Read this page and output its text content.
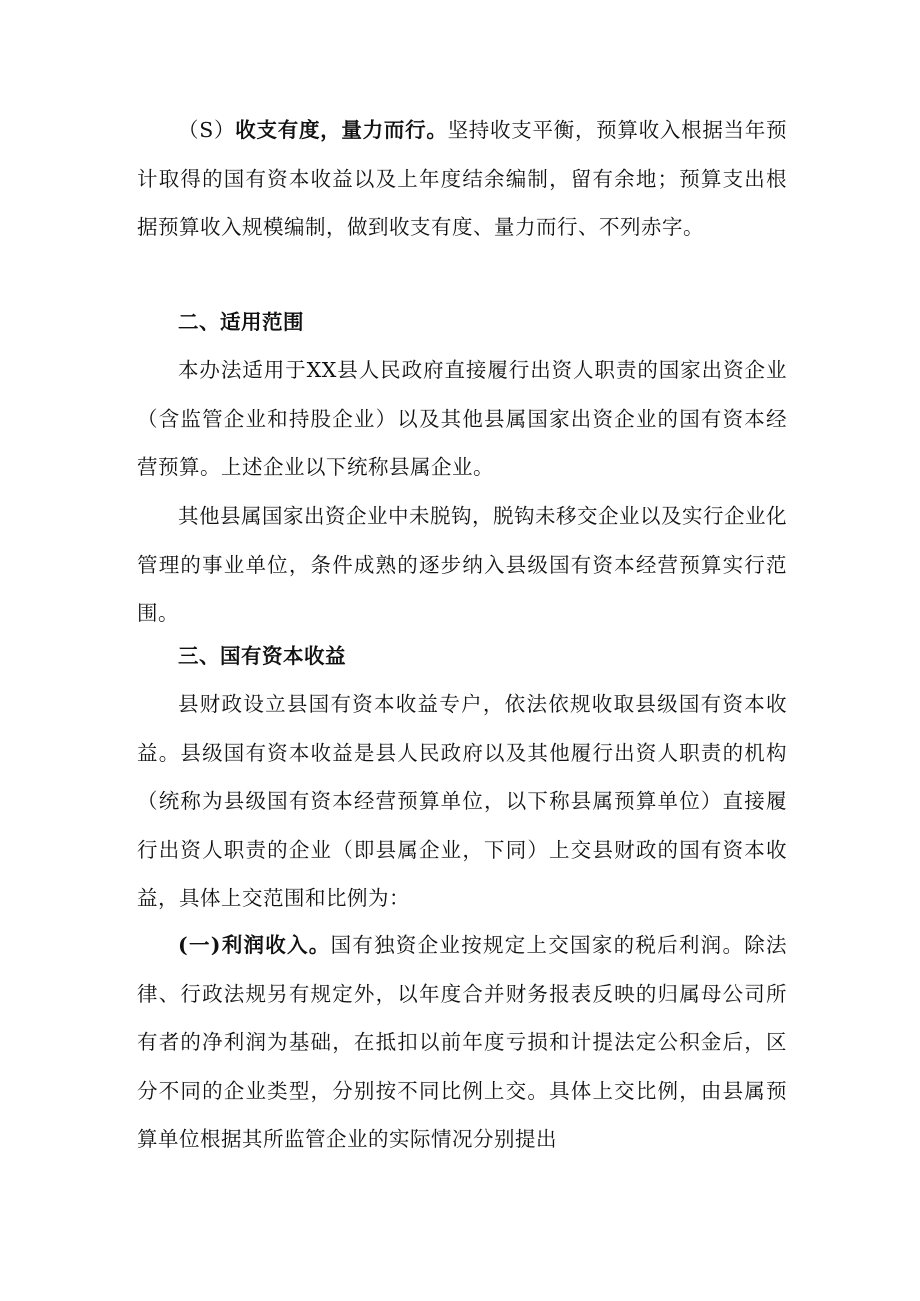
（S）收支有度，量力而行。坚持收支平衡，预算收入根据当年预计取得的国有资本收益以及上年度结余编制，留有余地；预算支出根据预算收入规模编制，做到收支有度、量力而行、不列赤字。

二、适用范围

本办法适用于XX县人民政府直接履行出资人职责的国家出资企业（含监管企业和持股企业）以及其他县属国家出资企业的国有资本经营预算。上述企业以下统称县属企业。

其他县属国家出资企业中未脱钩，脱钩未移交企业以及实行企业化管理的事业单位，条件成熟的逐步纳入县级国有资本经营预算实行范围。

三、国有资本收益

县财政设立县国有资本收益专户，依法依规收取县级国有资本收益。县级国有资本收益是县人民政府以及其他履行出资人职责的机构（统称为县级国有资本经营预算单位，以下称县属预算单位）直接履行出资人职责的企业（即县属企业，下同）上交县财政的国有资本收益，具体上交范围和比例为：

(一)利润收入。国有独资企业按规定上交国家的税后利润。除法律、行政法规另有规定外，以年度合并财务报表反映的归属母公司所有者的净利润为基础，在抵扣以前年度亏损和计提法定公积金后，区分不同的企业类型，分别按不同比例上交。具体上交比例，由县属预算单位根据其所监管企业的实际情况分别提出
